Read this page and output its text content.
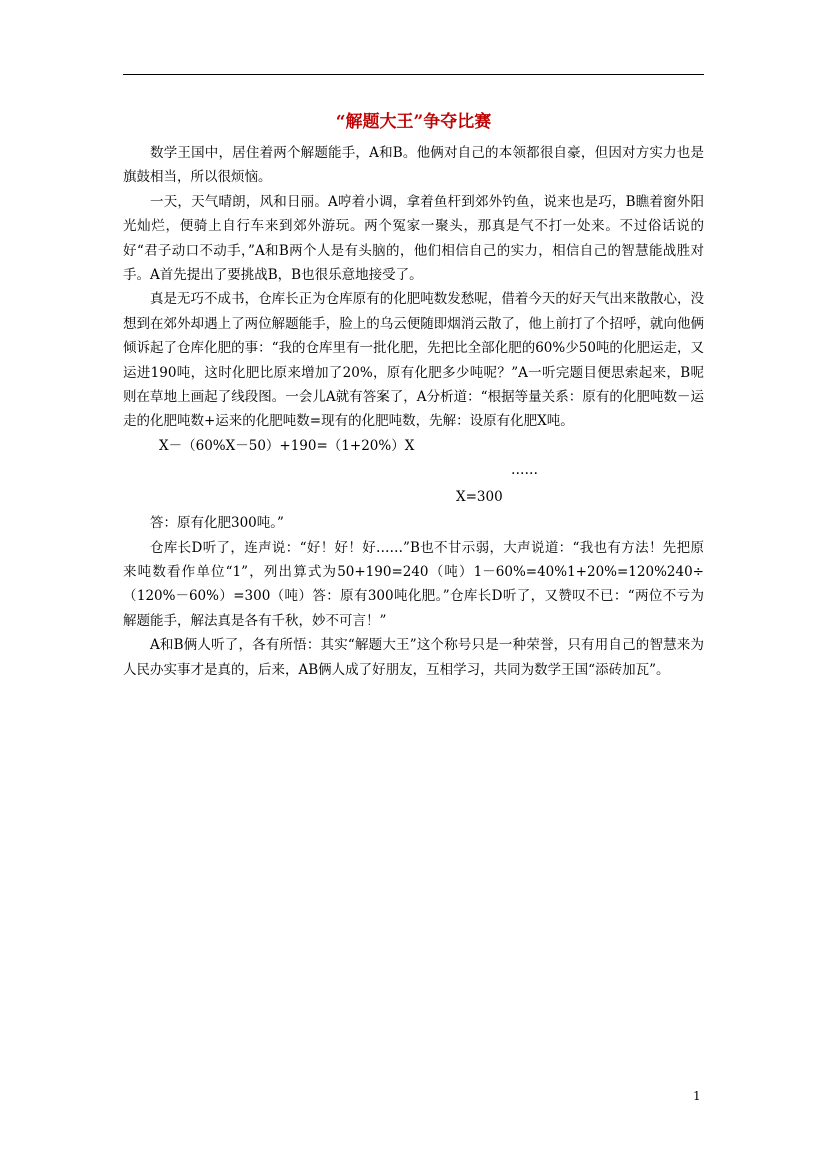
“解题大王”争夺比赛

数学王国中，居住着两个解题能手，A和B。他俩对自己的本领都很自豪，但因对方实力也是旗鼓相当，所以很烦恼。

一天，天气晴朗，风和日丽。A哼着小调，拿着鱼杆到郊外钓鱼，说来也是巧，B瞧着窗外阳光灿烂，便骑上自行车来到郊外游玩。两个冤家一聚头，那真是气不打一处来。不过俗话说的好“君子动口不动手，”A和B两个人是有头脑的，他们相信自己的实力，相信自己的智慧能战胜对手。A首先提出了要挑战B，B也很乐意地接受了。

真是无巧不成书，仓库长正为仓库原有的化肥吨数发愁呢，借着今天的好天气出来散散心，没想到在郊外却遇上了两位解题能手，脸上的乌云便随即烟消云散了，他上前打了个招呼，就向他俩倾诉起了仓库化肥的事：“我的仓库里有一批化肥，先把比全部化肥的60%少50吨的化肥运走，又运进190吨，这时化肥比原来增加了20%，原有化肥多少吨呢？”A一听完题目便思索起来，B呢则在草地上画起了线段图。一会儿A就有答案了，A分析道：“根据等量关系：原有的化肥吨数－运走的化肥吨数+运来的化肥吨数=现有的化肥吨数，先解：设原有化肥X吨。

X－（60%X－50）+190=（1+20%）X

……

X=300

答：原有化肥300吨。”

仓库长D听了，连声说：“好！好！好……”B也不甘示弱，大声说道：“我也有方法！先把原来吨数看作单位“1”，列出算式为50+190=240（吨）1－60%=40%1+20%=120%240÷（120%－60%）=300（吨）答：原有300吨化肥。”仓库长D听了，又赞叹不已：“两位不亏为解题能手，解法真是各有千秋，妙不可言！”

A和B俩人听了，各有所悟：其实“解题大王”这个称号只是一种荣誉，只有用自己的智慧来为人民办实事才是真的，后来，AB俩人成了好朋友，互相学习，共同为数学王国“添砖加瓦”。

1
